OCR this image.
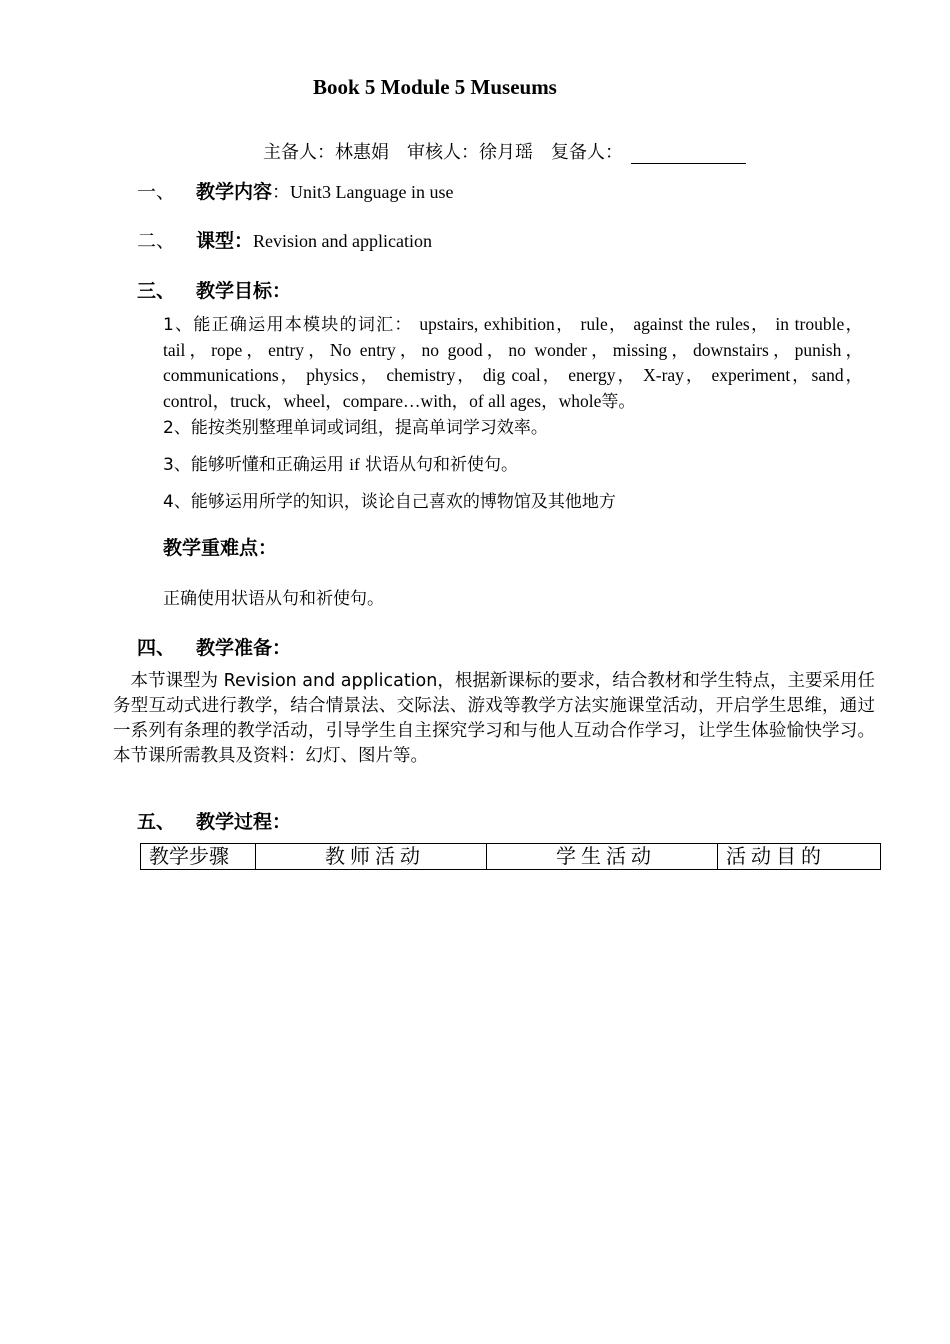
Book 5 Module 5 Museums
主备人：林惠娟 审核人：徐月瑶 复备人：
一、 教学内容：Unit3 Language in use
二、 课型：Revision and application
三、 教学目标：
1、能正确运用本模块的词汇： upstairs, exhibition， rule， against the rules， in trouble，tail，rope，entry，No entry，no good，no wonder，missing，downstairs，punish， communications， physics， chemistry， dig coal， energy， X-ray， experiment，sand，control，truck，wheel，compare…with，of all ages，whole等。
2、能按类别整理单词或词组，提高单词学习效率。
3、能够听懂和正确运用 if 状语从句和祈使句。
4、能够运用所学的知识，谈论自己喜欢的博物馆及其他地方
教学重难点：
正确使用状语从句和祈使句。
四、 教学准备：
  本节课型为 Revision and application，根据新课标的要求，结合教材和学生特点，主要采用任务型互动式进行教学，结合情景法、交际法、游戏等教学方法实施课堂活动，开启学生思维，通过一系列有条理的教学活动，引导学生自主探究学习和与他人互动合作学习，让学生体验愉快学习。本节课所需教具及资料：幻灯、图片等。
五、 教学过程：
教学步骤	教师活动	学生活动	活动目的
